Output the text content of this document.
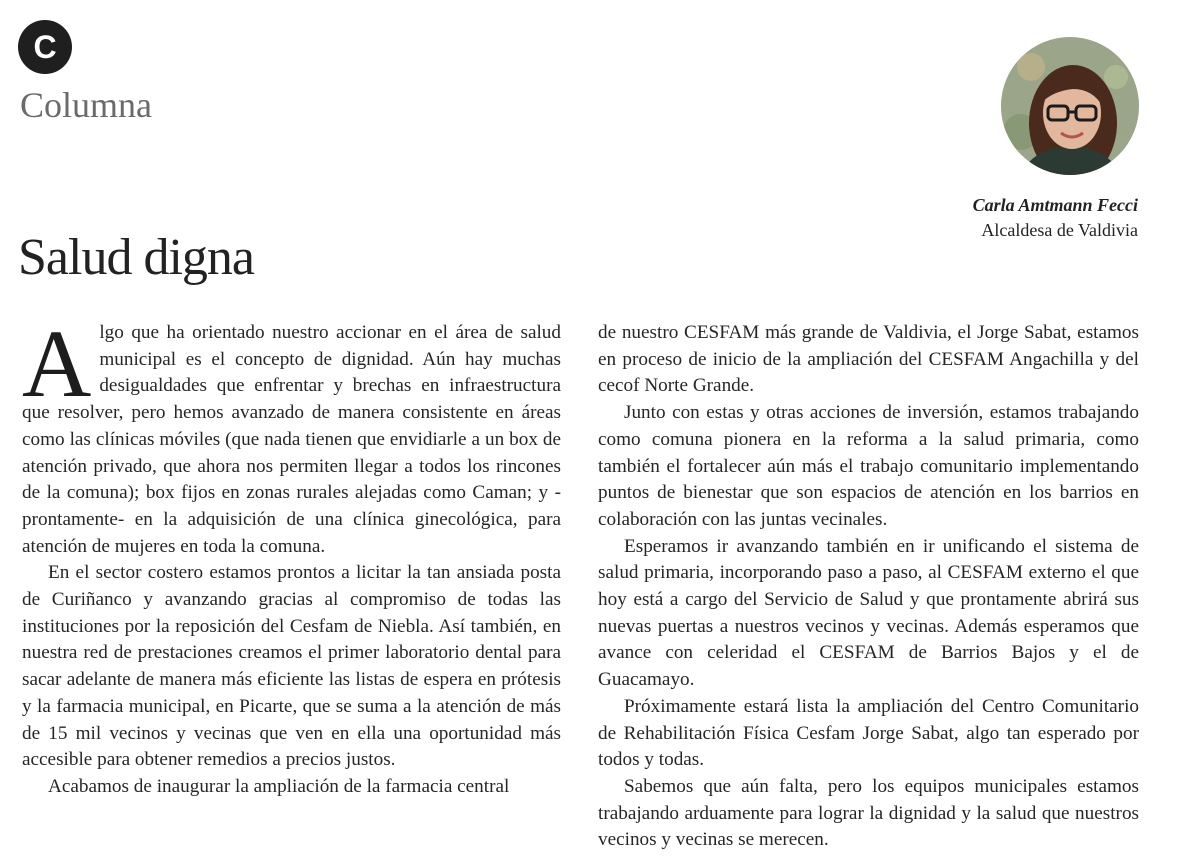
C
Columna
Carla Amtmann Fecci
Alcaldesa de Valdivia
Salud digna

Algo que ha orientado nuestro accionar en el área de salud municipal es el concepto de dignidad. Aún hay muchas desigualdades que enfrentar y brechas en infraestructura que resolver, pero hemos avanzado de manera consistente en áreas como las clínicas móviles (que nada tienen que envidiarle a un box de atención privado, que ahora nos permiten llegar a todos los rincones de la comuna); box fijos en zonas rurales alejadas como Caman; y -prontamente- en la adquisición de una clínica ginecológica, para atención de mujeres en toda la comuna.

En el sector costero estamos prontos a licitar la tan ansiada posta de Curiñanco y avanzando gracias al compromiso de todas las instituciones por la reposición del Cesfam de Niebla. Así también, en nuestra red de prestaciones creamos el primer laboratorio dental para sacar adelante de manera más eficiente las listas de espera en prótesis y la farmacia municipal, en Picarte, que se suma a la atención de más de 15 mil vecinos y vecinas que ven en ella una oportunidad más accesible para obtener remedios a precios justos.

Acabamos de inaugurar la ampliación de la farmacia central

de nuestro CESFAM más grande de Valdivia, el Jorge Sabat, estamos en proceso de inicio de la ampliación del CESFAM Angachilla y del cecof Norte Grande.

Junto con estas y otras acciones de inversión, estamos trabajando como comuna pionera en la reforma a la salud primaria, como también el fortalecer aún más el trabajo comunitario implementando puntos de bienestar que son espacios de atención en los barrios en colaboración con las juntas vecinales.

Esperamos ir avanzando también en ir unificando el sistema de salud primaria, incorporando paso a paso, al CESFAM externo el que hoy está a cargo del Servicio de Salud y que prontamente abrirá sus nuevas puertas a nuestros vecinos y vecinas. Además esperamos que avance con celeridad el CESFAM de Barrios Bajos y el de Guacamayo.

Próximamente estará lista la ampliación del Centro Comunitario de Rehabilitación Física Cesfam Jorge Sabat, algo tan esperado por todos y todas.

Sabemos que aún falta, pero los equipos municipales estamos trabajando arduamente para lograr la dignidad y la salud que nuestros vecinos y vecinas se merecen.
